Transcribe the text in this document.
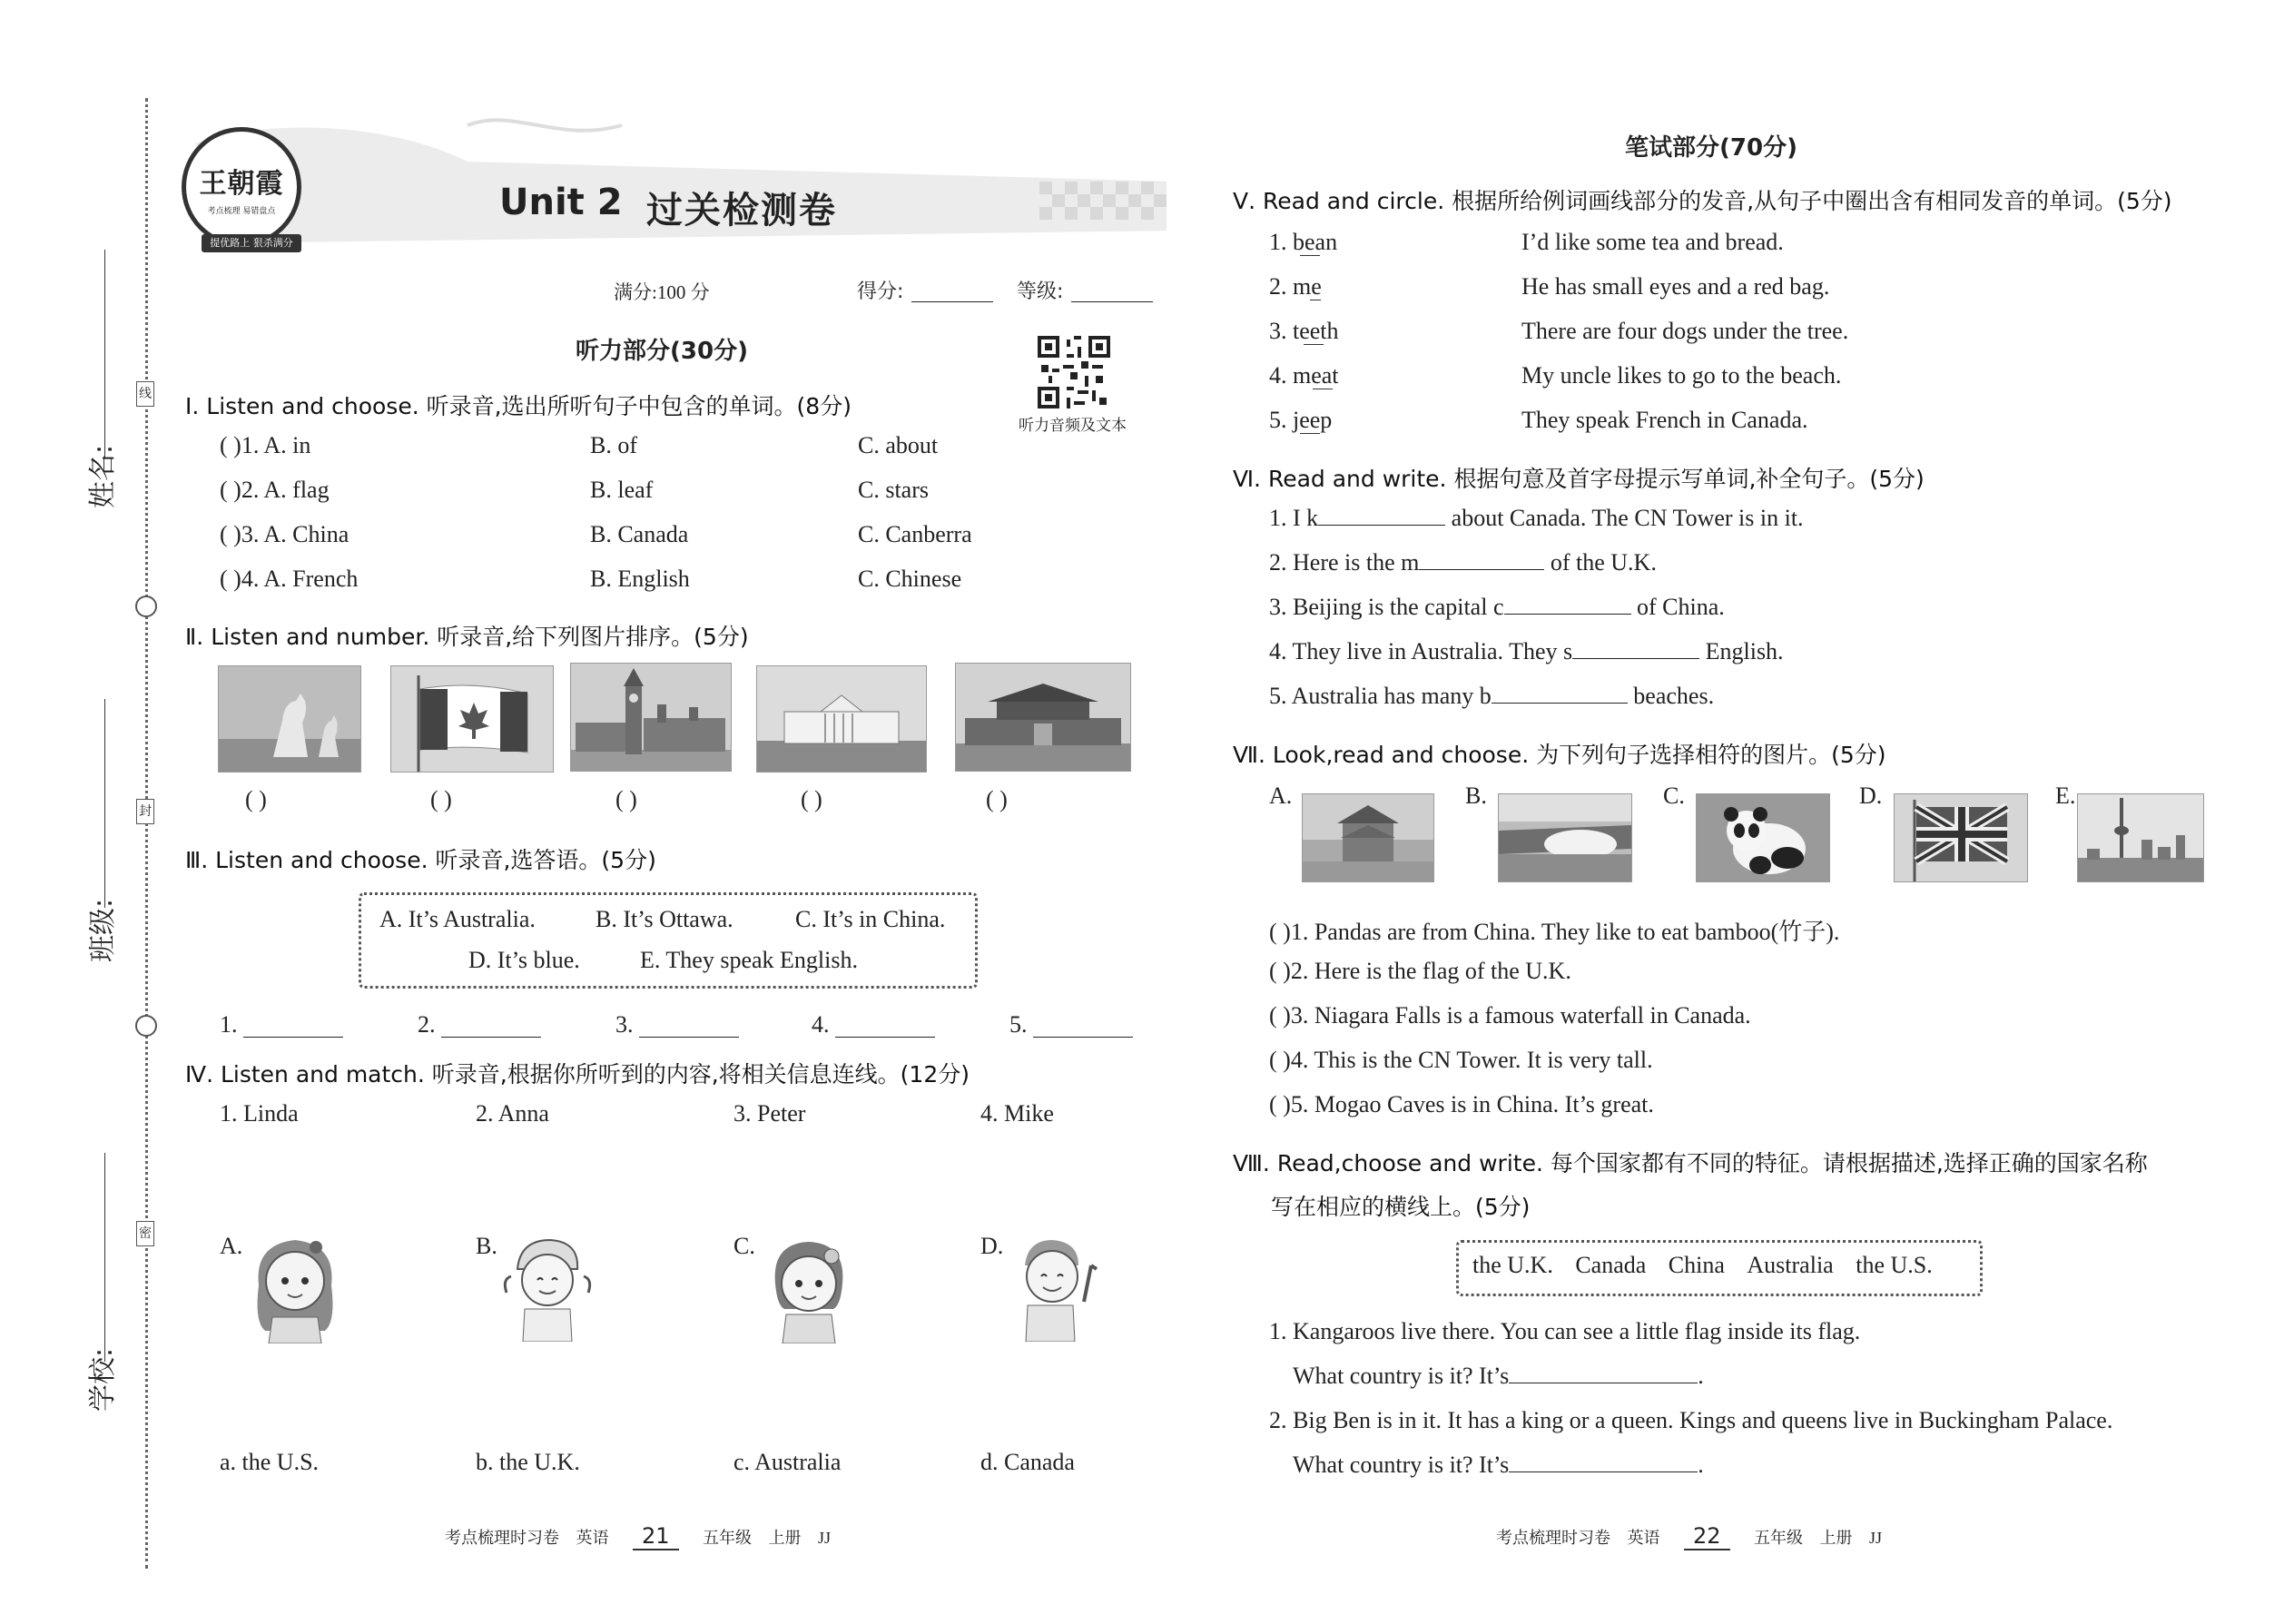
线
封
密
姓名:
班级:
学校:
王朝霞
考点梳理 易错盘点
提优路上 狠杀满分
Unit 2 过关检测卷
满分:100 分	得分:	等级:
听力部分(30分)
听力音频及文本
Ⅰ. Listen and choose. 听录音,选出所听句子中包含的单词。(8分)
( )1. A. in	B. of	C. about
( )2. A. flag	B. leaf	C. stars
( )3. A. China	B. Canada	C. Canberra
( )4. A. French	B. English	C. Chinese
Ⅱ. Listen and number. 听录音,给下列图片排序。(5分)
( )	( )	( )	( )	( )
Ⅲ. Listen and choose. 听录音,选答语。(5分)
A. It’s Australia.	B. It’s Ottawa.	C. It’s in China.
D. It’s blue.	E. They speak English.
1.	2.	3.	4.	5.
Ⅳ. Listen and match. 听录音,根据你所听到的内容,将相关信息连线。(12分)
1. Linda	2. Anna	3. Peter	4. Mike
A.	B.	C.	D.
a. the U.S.	b. the U.K.	c. Australia	d. Canada
考点梳理时习卷 英语 21 五年级 上册 JJ
笔试部分(70分)
Ⅴ. Read and circle. 根据所给例词画线部分的发音,从句子中圈出含有相同发音的单词。(5分)
1. bean	I’d like some tea and bread.
2. me	He has small eyes and a red bag.
3. teeth	There are four dogs under the tree.
4. meat	My uncle likes to go to the beach.
5. jeep	They speak French in Canada.
Ⅵ. Read and write. 根据句意及首字母提示写单词,补全句子。(5分)
1. I k	about Canada. The CN Tower is in it.
2. Here is the m	of the U.K.
3. Beijing is the capital c	of China.
4. They live in Australia. They s	English.
5. Australia has many b	beaches.
Ⅶ. Look,read and choose. 为下列句子选择相符的图片。(5分)
A.	B.	C.	D.	E.
( )1. Pandas are from China. They like to eat bamboo(竹子).
( )2. Here is the flag of the U.K.
( )3. Niagara Falls is a famous waterfall in Canada.
( )4. This is the CN Tower. It is very tall.
( )5. Mogao Caves is in China. It’s great.
Ⅷ. Read,choose and write. 每个国家都有不同的特征。请根据描述,选择正确的国家名称
写在相应的横线上。(5分)
the U.K. Canada China Australia the U.S.
1. Kangaroos live there. You can see a little flag inside its flag.
What country is it? It’s	.
2. Big Ben is in it. It has a king or a queen. Kings and queens live in Buckingham Palace.
What country is it? It’s	.
考点梳理时习卷 英语 22 五年级 上册 JJ
